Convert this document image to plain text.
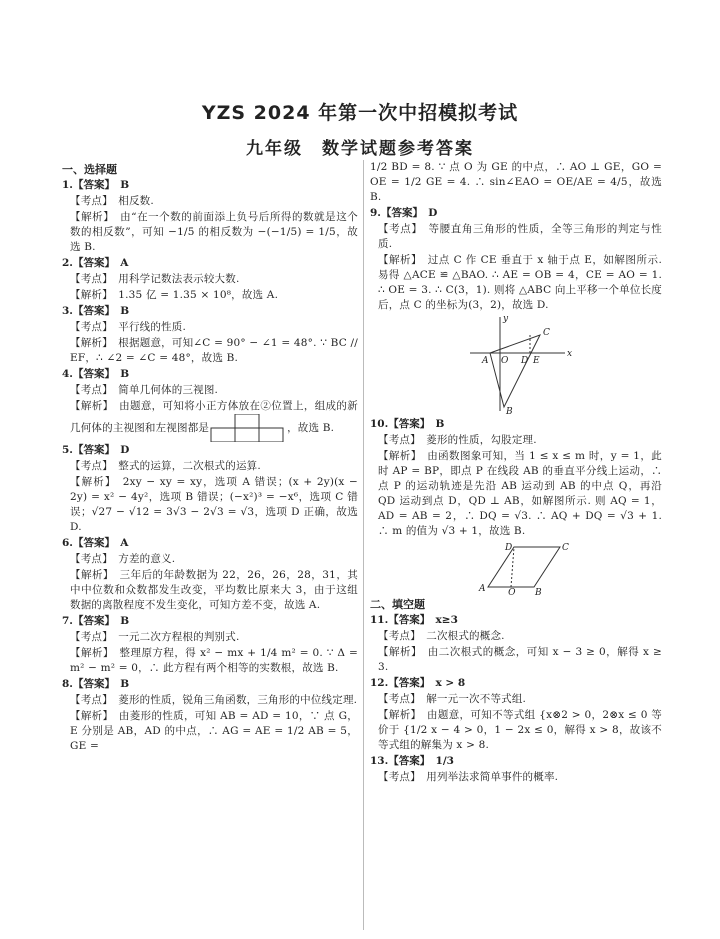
YZS 2024 年第一次中招模拟考试
九年级　数学试题参考答案
一、选择题
1.【答案】　B
【考点】　相反数.
【解析】　由“在一个数的前面添上负号后所得的数就是这个数的相反数”，可知 −1/5 的相反数为 −(−1/5) = 1/5，故选 B.
2.【答案】　A
【考点】　用科学记数法表示较大数.
【解析】　1.35 亿 = 1.35 × 10⁸，故选 A.
3.【答案】　B
【考点】　平行线的性质.
【解析】　根据题意，可知∠C = 90° − ∠1 = 48°. ∵ BC // EF，∴ ∠2 = ∠C = 48°，故选 B.
4.【答案】　B
【考点】　简单几何体的三视图.
【解析】　由题意，可知将小正方体放在②位置上，组成的新几何体的主视图和左视图都是	，故选 B.
5.【答案】　D
【考点】　整式的运算，二次根式的运算.
【解析】　2xy − xy = xy，选项 A 错误；(x + 2y)(x − 2y) = x² − 4y²，选项 B 错误；(−x²)³ = −x⁶，选项 C 错误；√27 − √12 = 3√3 − 2√3 = √3，选项 D 正确，故选 D.
6.【答案】　A
【考点】　方差的意义.
【解析】　三年后的年龄数据为 22，26，26，28，31，其中中位数和众数都发生改变，平均数比原来大 3，由于这组数据的离散程度不发生变化，可知方差不变，故选 A.
7.【答案】　B
【考点】　一元二次方程根的判别式.
【解析】　整理原方程，得 x² − mx + 1/4 m² = 0. ∵ Δ = m² − m² = 0，∴ 此方程有两个相等的实数根，故选 B.
8.【答案】　B
【考点】　菱形的性质，锐角三角函数，三角形的中位线定理.
【解析】　由菱形的性质，可知 AB = AD = 10，∵ 点 G，E 分别是 AB，AD 的中点，∴ AG = AE = 1/2 AB = 5，GE =
1/2 BD = 8. ∵ 点 O 为 GE 的中点，∴ AO ⊥ GE，GO = OE = 1/2 GE = 4. ∴ sin∠EAO = OE/AE = 4/5，故选 B.
9.【答案】　D
【考点】　等腰直角三角形的性质，全等三角形的判定与性质.
【解析】　过点 C 作 CE 垂直于 x 轴于点 E，如解图所示. 易得 △ACE ≌ △BAO. ∴ AE = OB = 4，CE = AO = 1. ∴ OE = 3. ∴ C(3，1). 则将 △ABC 向上平移一个单位长度后，点 C 的坐标为(3，2)，故选 D.
y
x
A O D E
C
B
10.【答案】　B
【考点】　菱形的性质，勾股定理.
【解析】　由函数图象可知，当 1 ≤ x ≤ m 时，y = 1，此时 AP = BP，即点 P 在线段 AB 的垂直平分线上运动，∴ 点 P 的运动轨迹是先沿 AB 运动到 AB 的中点 Q，再沿 QD 运动到点 D，QD ⊥ AB，如解图所示. 则 AQ = 1，AD = AB = 2，∴ DQ = √3. ∴ AQ + DQ = √3 + 1. ∴ m 的值为 √3 + 1，故选 B.
A	Q B
C
D
二、填空题
11.【答案】　x≥3
【考点】　二次根式的概念.
【解析】　由二次根式的概念，可知 x − 3 ≥ 0，解得 x ≥ 3.
12.【答案】　x > 8
【考点】　解一元一次不等式组.
【解析】　由题意，可知不等式组 {x⊗2 > 0，2⊗x ≤ 0 等价于 {1/2 x − 4 > 0，1 − 2x ≤ 0，解得 x > 8，故该不等式组的解集为 x > 8.
13.【答案】　1/3
【考点】　用列举法求简单事件的概率.
